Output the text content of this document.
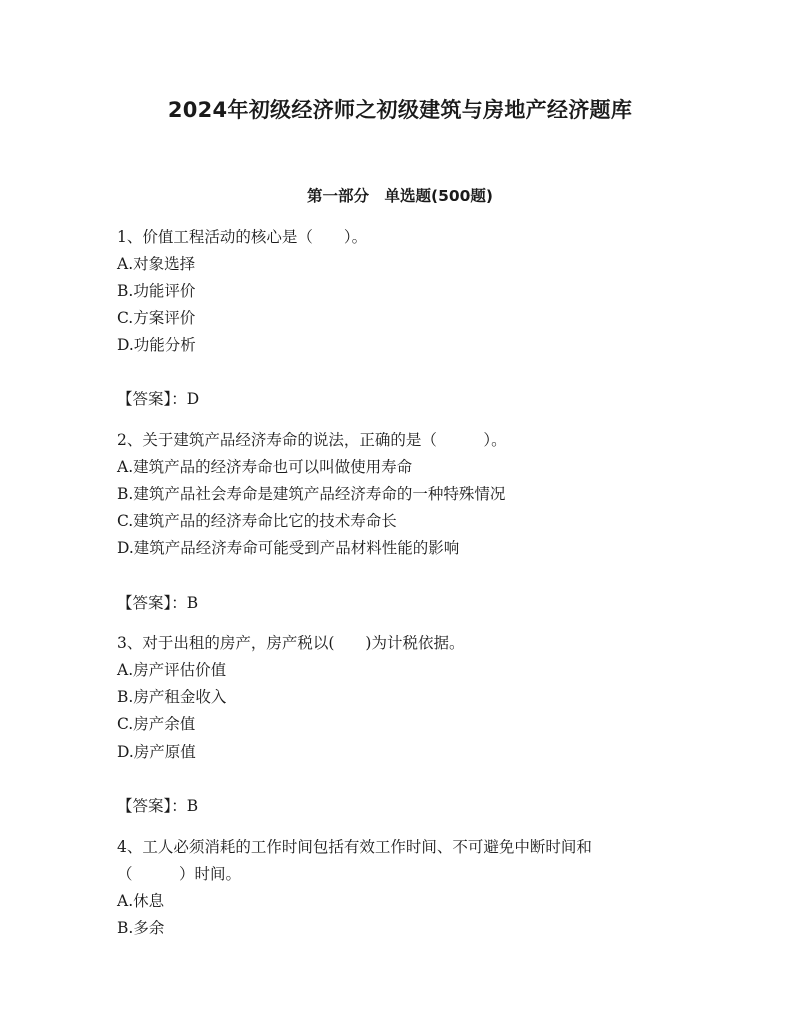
2024年初级经济师之初级建筑与房地产经济题库
第一部分　单选题(500题)
1、价值工程活动的核心是（　　）。
A.对象选择
B.功能评价
C.方案评价
D.功能分析
【答案】：D
2、关于建筑产品经济寿命的说法，正确的是（　　　）。
A.建筑产品的经济寿命也可以叫做使用寿命
B.建筑产品社会寿命是建筑产品经济寿命的一种特殊情况
C.建筑产品的经济寿命比它的技术寿命长
D.建筑产品经济寿命可能受到产品材料性能的影响
【答案】：B
3、对于出租的房产，房产税以(　　)为计税依据。
A.房产评估价值
B.房产租金收入
C.房产余值
D.房产原值
【答案】：B
4、工人必须消耗的工作时间包括有效工作时间、不可避免中断时间和
（　　　）时间。
A.休息
B.多余
